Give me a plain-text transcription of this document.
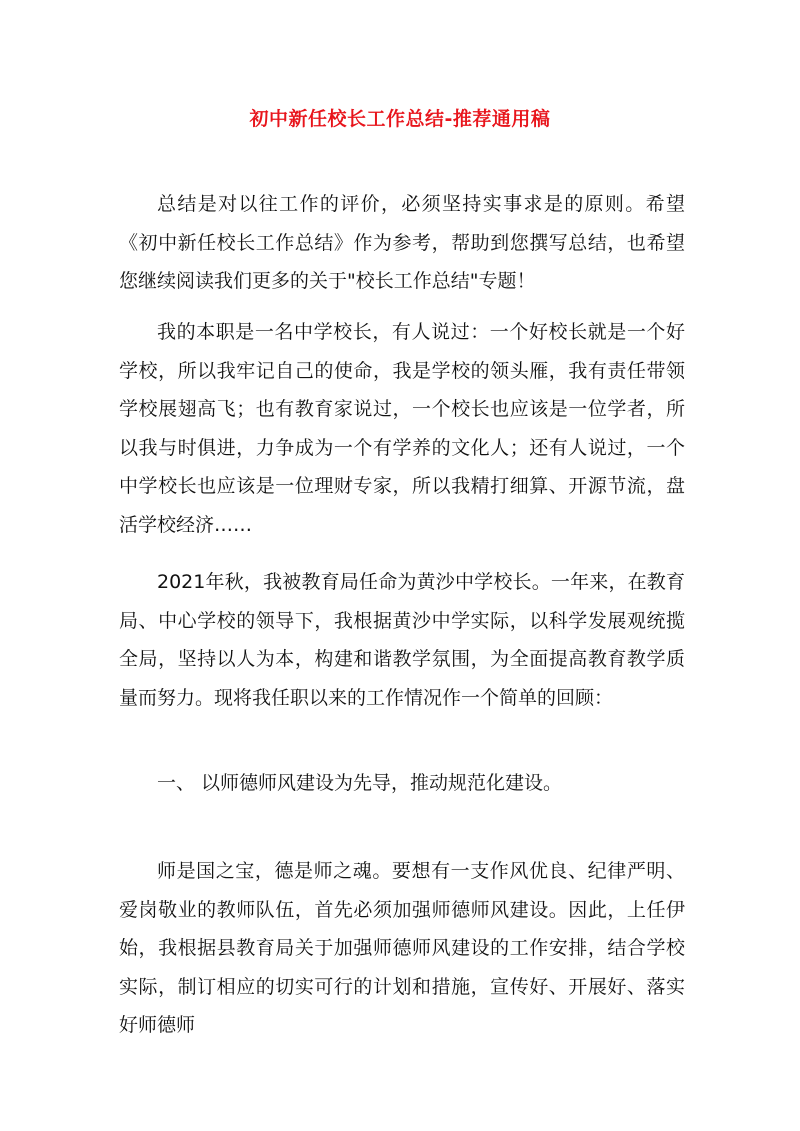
初中新任校长工作总结-推荐通用稿

总结是对以往工作的评价，必须坚持实事求是的原则。希望《初中新任校长工作总结》作为参考，帮助到您撰写总结，也希望您继续阅读我们更多的关于"校长工作总结"专题！

我的本职是一名中学校长，有人说过：一个好校长就是一个好学校，所以我牢记自己的使命，我是学校的领头雁，我有责任带领学校展翅高飞；也有教育家说过，一个校长也应该是一位学者，所以我与时俱进，力争成为一个有学养的文化人；还有人说过，一个中学校长也应该是一位理财专家，所以我精打细算、开源节流，盘活学校经济……

2021年秋，我被教育局任命为黄沙中学校长。一年来，在教育局、中心学校的领导下，我根据黄沙中学实际，以科学发展观统揽全局，坚持以人为本，构建和谐教学氛围，为全面提高教育教学质量而努力。现将我任职以来的工作情况作一个简单的回顾：

一、 以师德师风建设为先导，推动规范化建设。

师是国之宝，德是师之魂。要想有一支作风优良、纪律严明、爱岗敬业的教师队伍，首先必须加强师德师风建设。因此，上任伊始，我根据县教育局关于加强师德师风建设的工作安排，结合学校实际，制订相应的切实可行的计划和措施，宣传好、开展好、落实好师德师
